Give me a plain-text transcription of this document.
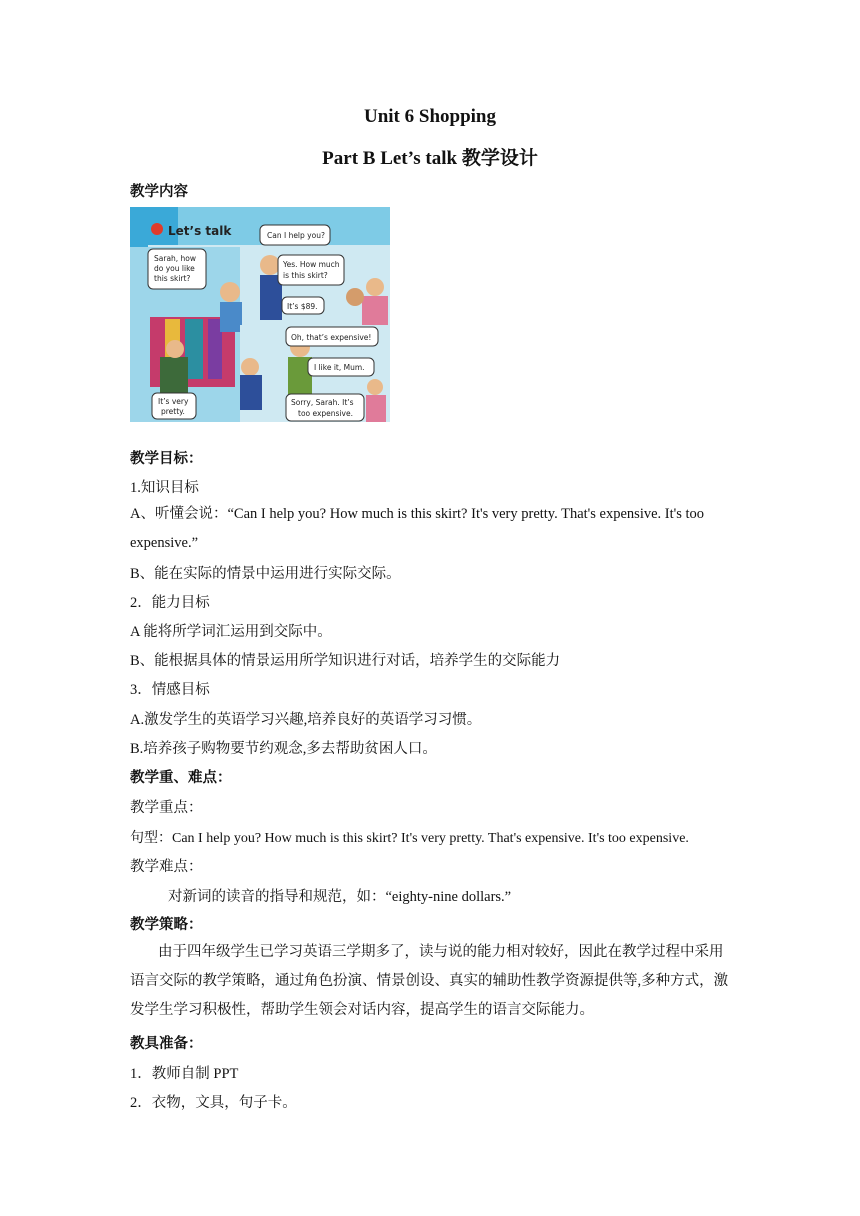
Unit 6 Shopping
Part B Let’s talk 教学设计
教学内容
Let’s talk	Can I help you?
Sarah, how
do you like
this skirt?
Yes. How much
is this skirt?
It’s $89.
Oh, that’s expensive!
I like it, Mum.
It’s very
pretty.
Sorry, Sarah. It’s
too expensive.
教学目标：
1.知识目标
A、听懂会说：“Can I help you? How much is this skirt? It's very pretty. That's expensive. It's too expensive.”
B、能在实际的情景中运用进行实际交际。
2．能力目标
A 能将所学词汇运用到交际中。
B、能根据具体的情景运用所学知识进行对话，培养学生的交际能力
3．情感目标
A.激发学生的英语学习兴趣,培养良好的英语学习习惯。
B.培养孩子购物要节约观念,多去帮助贫困人口。
教学重、难点：
教学重点：
句型：Can I help you? How much is this skirt? It's very pretty. That's expensive. It's too expensive.
教学难点：
对新词的读音的指导和规范，如：“eighty-nine dollars.”
教学策略：
由于四年级学生已学习英语三学期多了，读与说的能力相对较好，因此在教学过程中采用语言交际的教学策略，通过角色扮演、情景创设、真实的辅助性教学资源提供等,多种方式，激发学生学习积极性，帮助学生领会对话内容，提高学生的语言交际能力。
教具准备：
1．教师自制 PPT
2．衣物，文具，句子卡。
